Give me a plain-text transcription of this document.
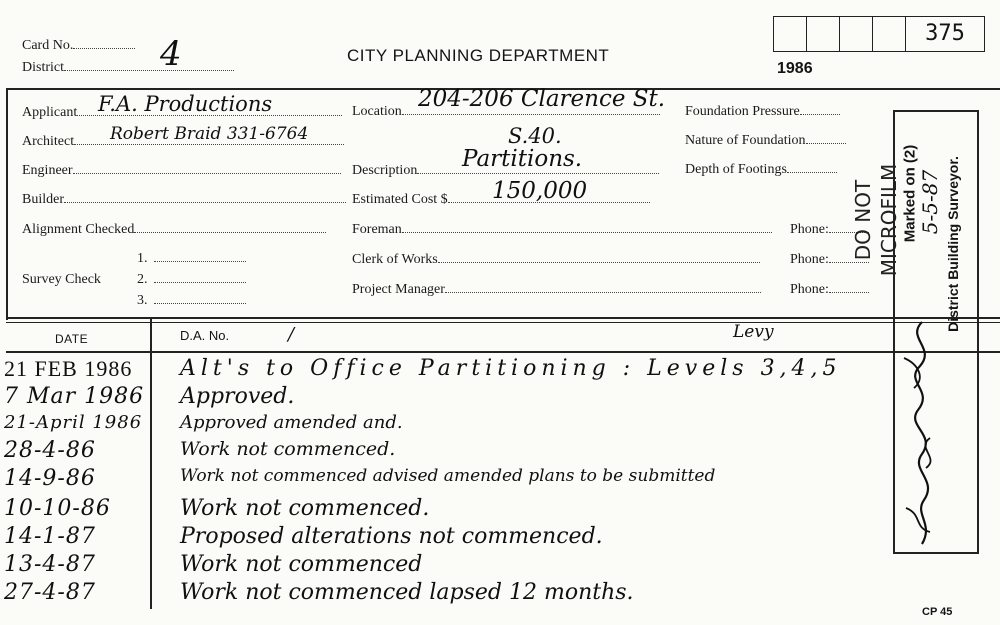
Card No.
District	4	CITY PLANNING DEPARTMENT
375
1986
Applicant F.A. Productions
Architect	Robert Braid 331-6764
Engineer
Builder
Alignment Checked
Survey Check
1.
2.
3.
Location 204-206 Clarence St.
S.40.
Description	Partitions.
Estimated Cost $	150,000
Foreman
Clerk of Works
Project Manager
Phone:
Phone:
Phone:
Foundation Pressure
Nature of Foundation
Depth of Footings
DATE	D.A. No.	/	Levy
21 FEB 1986	Alt's to Office Partitioning : Levels 3,4,5
7 Mar 1986	Approved.
21-April 1986	Approved amended and.
28-4-86	Work not commenced.
14-9-86	Work not commenced advised amended plans to be submitted
10-10-86	Work not commenced.
14-1-87	Proposed alterations not commenced.
13-4-87	Work not commenced
27-4-87	Work not commenced lapsed 12 months.
DO NOT MICROFILM Marked on (2) 5-5-87 District Building Surveyor.
CP 45
